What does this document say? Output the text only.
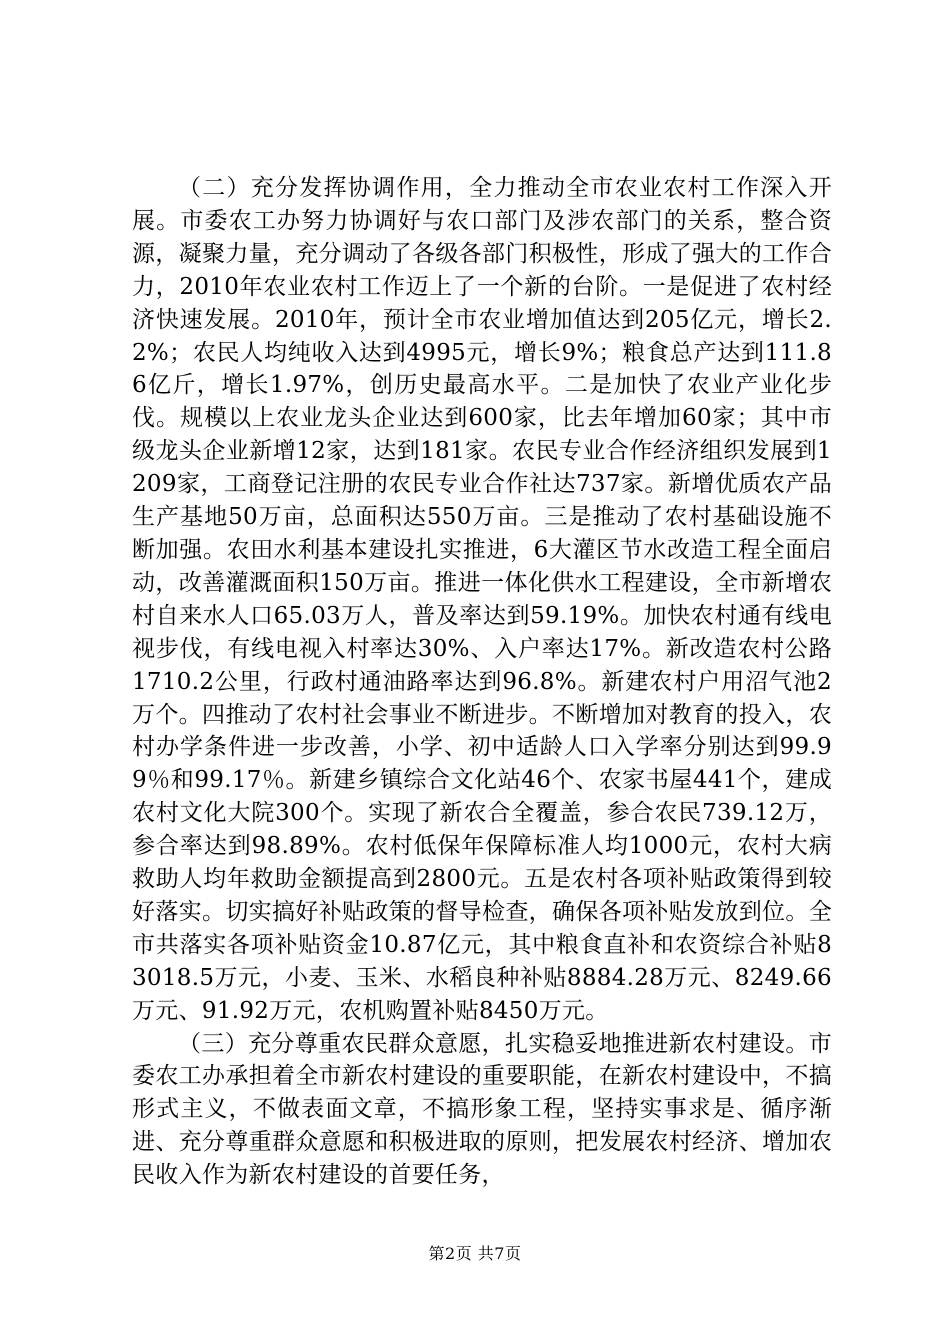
（二）充分发挥协调作用，全力推动全市农业农村工作深入开展。市委农工办努力协调好与农口部门及涉农部门的关系，整合资源，凝聚力量，充分调动了各级各部门积极性，形成了强大的工作合力，2010年农业农村工作迈上了一个新的台阶。一是促进了农村经济快速发展。2010年，预计全市农业增加值达到205亿元，增长2.2%；农民人均纯收入达到4995元，增长9%；粮食总产达到111.86亿斤，增长1.97%，创历史最高水平。二是加快了农业产业化步伐。规模以上农业龙头企业达到600家，比去年增加60家；其中市级龙头企业新增12家，达到181家。农民专业合作经济组织发展到1209家，工商登记注册的农民专业合作社达737家。新增优质农产品生产基地50万亩，总面积达550万亩。三是推动了农村基础设施不断加强。农田水利基本建设扎实推进，6大灌区节水改造工程全面启动，改善灌溉面积150万亩。推进一体化供水工程建设，全市新增农村自来水人口65.03万人，普及率达到59.19%。加快农村通有线电视步伐，有线电视入村率达30%、入户率达17%。新改造农村公路1710.2公里，行政村通油路率达到96.8%。新建农村户用沼气池2万个。四推动了农村社会事业不断进步。不断增加对教育的投入，农村办学条件进一步改善，小学、初中适龄人口入学率分别达到99.99％和99.17％。新建乡镇综合文化站46个、农家书屋441个，建成农村文化大院300个。实现了新农合全覆盖，参合农民739.12万，参合率达到98.89%。农村低保年保障标准人均1000元，农村大病救助人均年救助金额提高到2800元。五是农村各项补贴政策得到较好落实。切实搞好补贴政策的督导检查，确保各项补贴发放到位。全市共落实各项补贴资金10.87亿元，其中粮食直补和农资综合补贴83018.5万元，小麦、玉米、水稻良种补贴8884.28万元、8249.66万元、91.92万元，农机购置补贴8450万元。

（三）充分尊重农民群众意愿，扎实稳妥地推进新农村建设。市委农工办承担着全市新农村建设的重要职能，在新农村建设中，不搞形式主义，不做表面文章，不搞形象工程，坚持实事求是、循序渐进、充分尊重群众意愿和积极进取的原则，把发展农村经济、增加农民收入作为新农村建设的首要任务，

第2页 共7页
